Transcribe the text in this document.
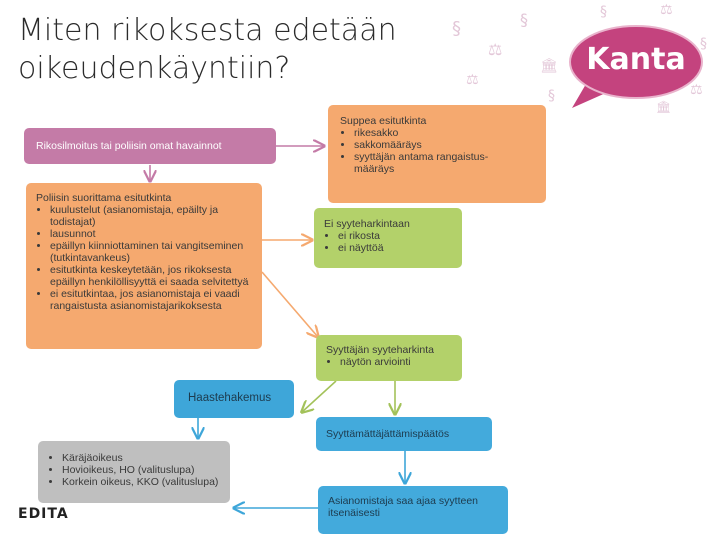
Miten rikoksesta edetään
oikeudenkäyntiin?
§
⚖
§
🏛
§
⚖
§	⚖
§
⚖
🏛
Kanta
Rikosilmoitus tai poliisin omat havainnot
Suppea esitutkinta
• rikesakko
• sakkomääräys
• syyttäjän antama rangaistus-
määräys
Poliisin suorittama esitutkinta
• kuulustelut (asianomistaja, epäilty ja todistajat)
• lausunnot
• epäillyn kiinniottaminen tai vangitseminen (tutkintavankeus)
• esitutkinta keskeytetään, jos rikoksesta epäillyn henkilöllisyyttä ei saada selvitettyä
• ei esitutkintaa, jos asianomistaja ei vaadi rangaistusta asianomistajarikoksesta
Ei syyteharkintaan
• ei rikosta
• ei näyttöä
Syyttäjän syyteharkinta
• näytön arviointi
Haastehakemus
Syyttämättäjättämispäätös
• Käräjäoikeus
• Hovioikeus, HO (valituslupa)
• Korkein oikeus, KKO (valituslupa)
Asianomistaja saa ajaa syytteen itsenäisesti
EDITA
